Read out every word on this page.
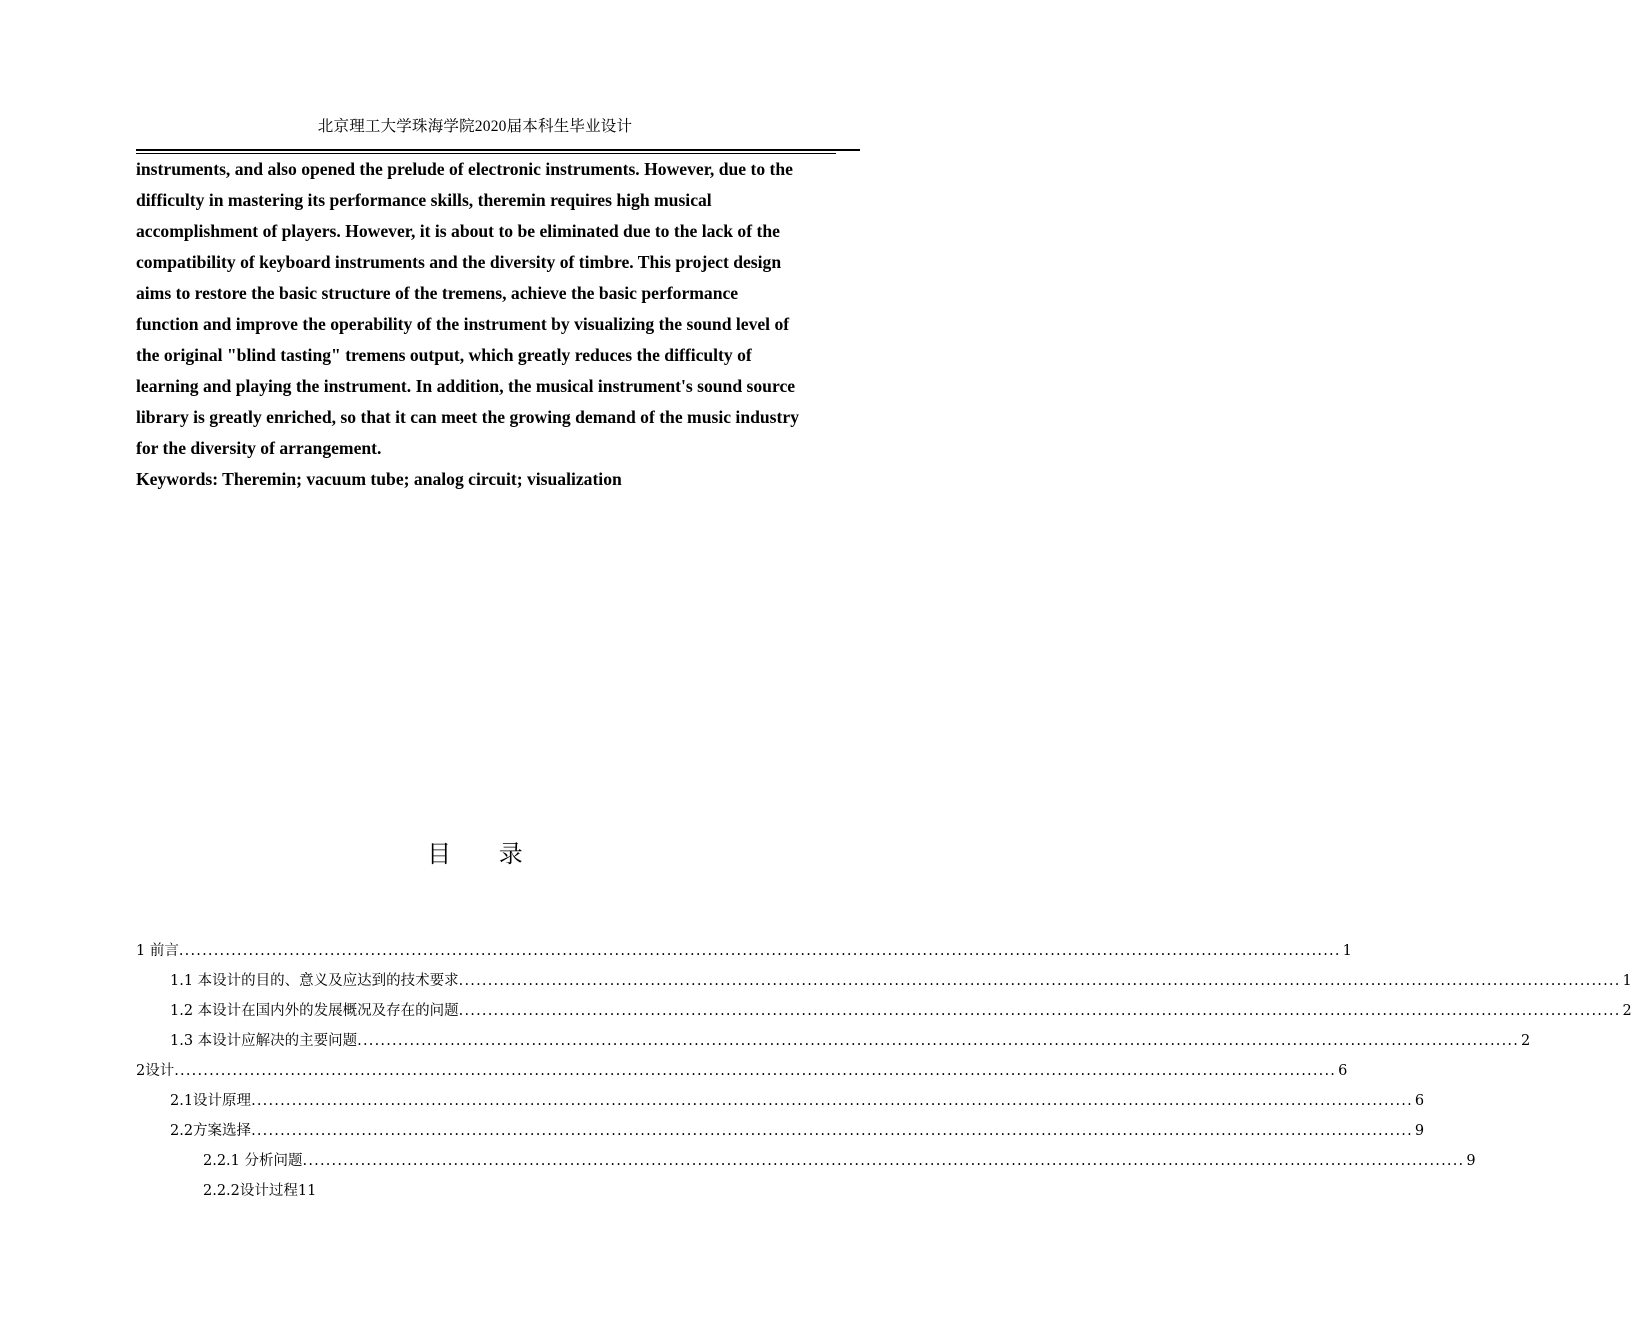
北京理工大学珠海学院2020届本科生毕业设计

instruments, and also opened the prelude of electronic instruments. However, due to the

difficulty in mastering its performance skills, theremin requires high musical

accomplishment of players. However, it is about to be eliminated due to the lack of the

compatibility of keyboard instruments and the diversity of timbre. This project design

aims to restore the basic structure of the tremens, achieve the basic performance

function and improve the operability of the instrument by visualizing the sound level of

the original "blind tasting" tremens output, which greatly reduces the difficulty of

learning and playing the instrument. In addition, the musical instrument's sound source

library is greatly enriched, so that it can meet the growing demand of the music industry

for the diversity of arrangement.

Keywords: Theremin; vacuum tube; analog circuit; visualization

目 录
1 前言 ........................................................................................................................................................................................................ 1
1.1 本设计的目的、意义及应达到的技术要求 ........................................................................................................................................................................................................ 1
1.2 本设计在国内外的发展概况及存在的问题 ........................................................................................................................................................................................................ 2
1.3 本设计应解决的主要问题 ........................................................................................................................................................................................................ 2
2设计 ........................................................................................................................................................................................................ 6
2.1设计原理 ........................................................................................................................................................................................................ 6
2.2方案选择 ........................................................................................................................................................................................................ 9
2.2.1 分析问题 ........................................................................................................................................................................................................ 9
2.2.2设计过程11
